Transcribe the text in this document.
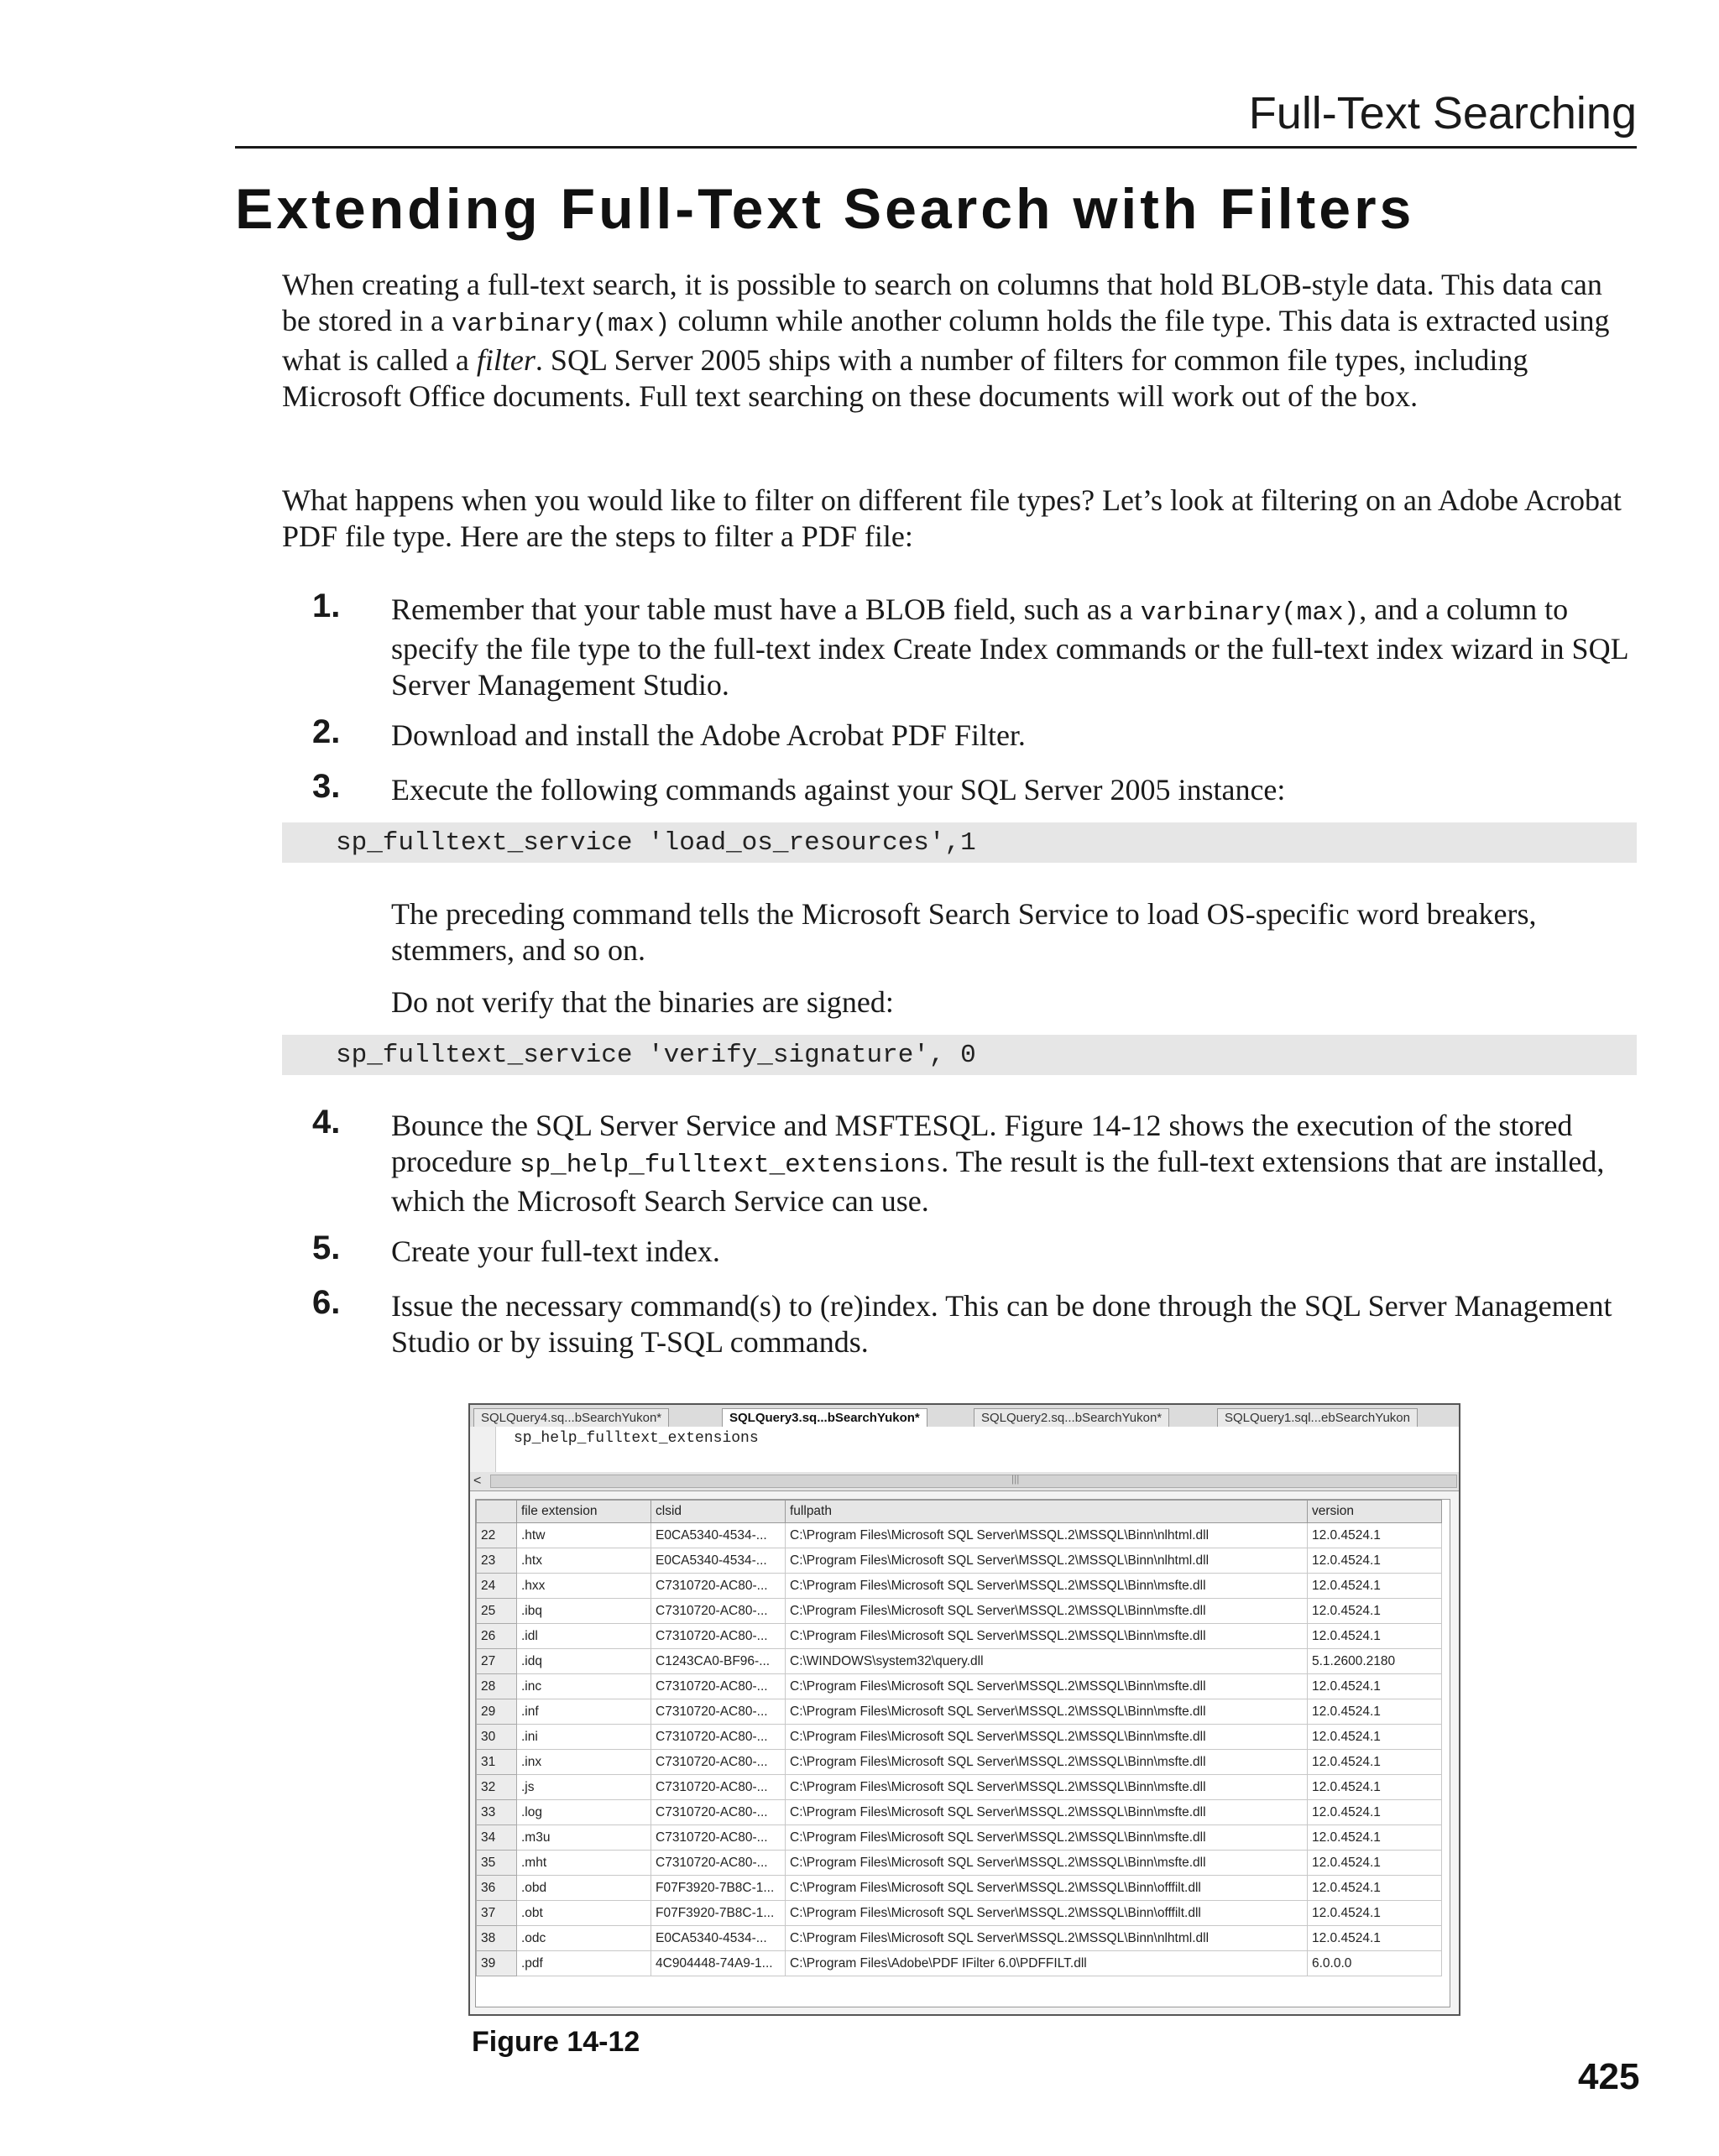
Full-Text Searching
Extending Full-Text Search with Filters

When creating a full-text search, it is possible to search on columns that hold BLOB-style data. This data can be stored in a varbinary(max) column while another column holds the file type. This data is extracted using what is called a filter. SQL Server 2005 ships with a number of filters for common file types, including Microsoft Office documents. Full text searching on these documents will work out of the box.

What happens when you would like to filter on different file types? Let’s look at filtering on an Adobe Acrobat PDF file type. Here are the steps to filter a PDF file:

1. Remember that your table must have a BLOB field, such as a varbinary(max), and a column to specify the file type to the full-text index Create Index commands or the full-text index wizard in SQL Server Management Studio.
2. Download and install the Adobe Acrobat PDF Filter.
3. Execute the following commands against your SQL Server 2005 instance:
sp_fulltext_service 'load_os_resources',1

The preceding command tells the Microsoft Search Service to load OS-specific word breakers, stemmers, and so on.

Do not verify that the binaries are signed:

sp_fulltext_service 'verify_signature', 0
4. Bounce the SQL Server Service and MSFTESQL. Figure 14-12 shows the execution of the stored procedure sp_help_fulltext_extensions. The result is the full-text extensions that are installed, which the Microsoft Search Service can use.
5. Create your full-text index.
6. Issue the necessary command(s) to (re)index. This can be done through the SQL Server Management Studio or by issuing T-SQL commands.
SQLQuery4.sq...bSearchYukon*	SQLQuery3.sq...bSearchYukon*	SQLQuery2.sq...bSearchYukon*	SQLQuery1.sql...ebSearchYukon
sp_help_fulltext_extensions
<	|||
	file extension	clsid	fullpath	version
22	.htw	E0CA5340-4534-...	C:\Program Files\Microsoft SQL Server\MSSQL.2\MSSQL\Binn\nlhtml.dll	12.0.4524.1
23	.htx	E0CA5340-4534-...	C:\Program Files\Microsoft SQL Server\MSSQL.2\MSSQL\Binn\nlhtml.dll	12.0.4524.1
24	.hxx	C7310720-AC80-...	C:\Program Files\Microsoft SQL Server\MSSQL.2\MSSQL\Binn\msfte.dll	12.0.4524.1
25	.ibq	C7310720-AC80-...	C:\Program Files\Microsoft SQL Server\MSSQL.2\MSSQL\Binn\msfte.dll	12.0.4524.1
26	.idl	C7310720-AC80-...	C:\Program Files\Microsoft SQL Server\MSSQL.2\MSSQL\Binn\msfte.dll	12.0.4524.1
27	.idq	C1243CA0-BF96-...	C:\WINDOWS\system32\query.dll	5.1.2600.2180
28	.inc	C7310720-AC80-...	C:\Program Files\Microsoft SQL Server\MSSQL.2\MSSQL\Binn\msfte.dll	12.0.4524.1
29	.inf	C7310720-AC80-...	C:\Program Files\Microsoft SQL Server\MSSQL.2\MSSQL\Binn\msfte.dll	12.0.4524.1
30	.ini	C7310720-AC80-...	C:\Program Files\Microsoft SQL Server\MSSQL.2\MSSQL\Binn\msfte.dll	12.0.4524.1
31	.inx	C7310720-AC80-...	C:\Program Files\Microsoft SQL Server\MSSQL.2\MSSQL\Binn\msfte.dll	12.0.4524.1
32	.js	C7310720-AC80-...	C:\Program Files\Microsoft SQL Server\MSSQL.2\MSSQL\Binn\msfte.dll	12.0.4524.1
33	.log	C7310720-AC80-...	C:\Program Files\Microsoft SQL Server\MSSQL.2\MSSQL\Binn\msfte.dll	12.0.4524.1
34	.m3u	C7310720-AC80-...	C:\Program Files\Microsoft SQL Server\MSSQL.2\MSSQL\Binn\msfte.dll	12.0.4524.1
35	.mht	C7310720-AC80-...	C:\Program Files\Microsoft SQL Server\MSSQL.2\MSSQL\Binn\msfte.dll	12.0.4524.1
36	.obd	F07F3920-7B8C-1...	C:\Program Files\Microsoft SQL Server\MSSQL.2\MSSQL\Binn\offfilt.dll	12.0.4524.1
37	.obt	F07F3920-7B8C-1...	C:\Program Files\Microsoft SQL Server\MSSQL.2\MSSQL\Binn\offfilt.dll	12.0.4524.1
38	.odc	E0CA5340-4534-...	C:\Program Files\Microsoft SQL Server\MSSQL.2\MSSQL\Binn\nlhtml.dll	12.0.4524.1
39	.pdf	4C904448-74A9-1...	C:\Program Files\Adobe\PDF IFilter 6.0\PDFFILT.dll	6.0.0.0
Figure 14-12
425
